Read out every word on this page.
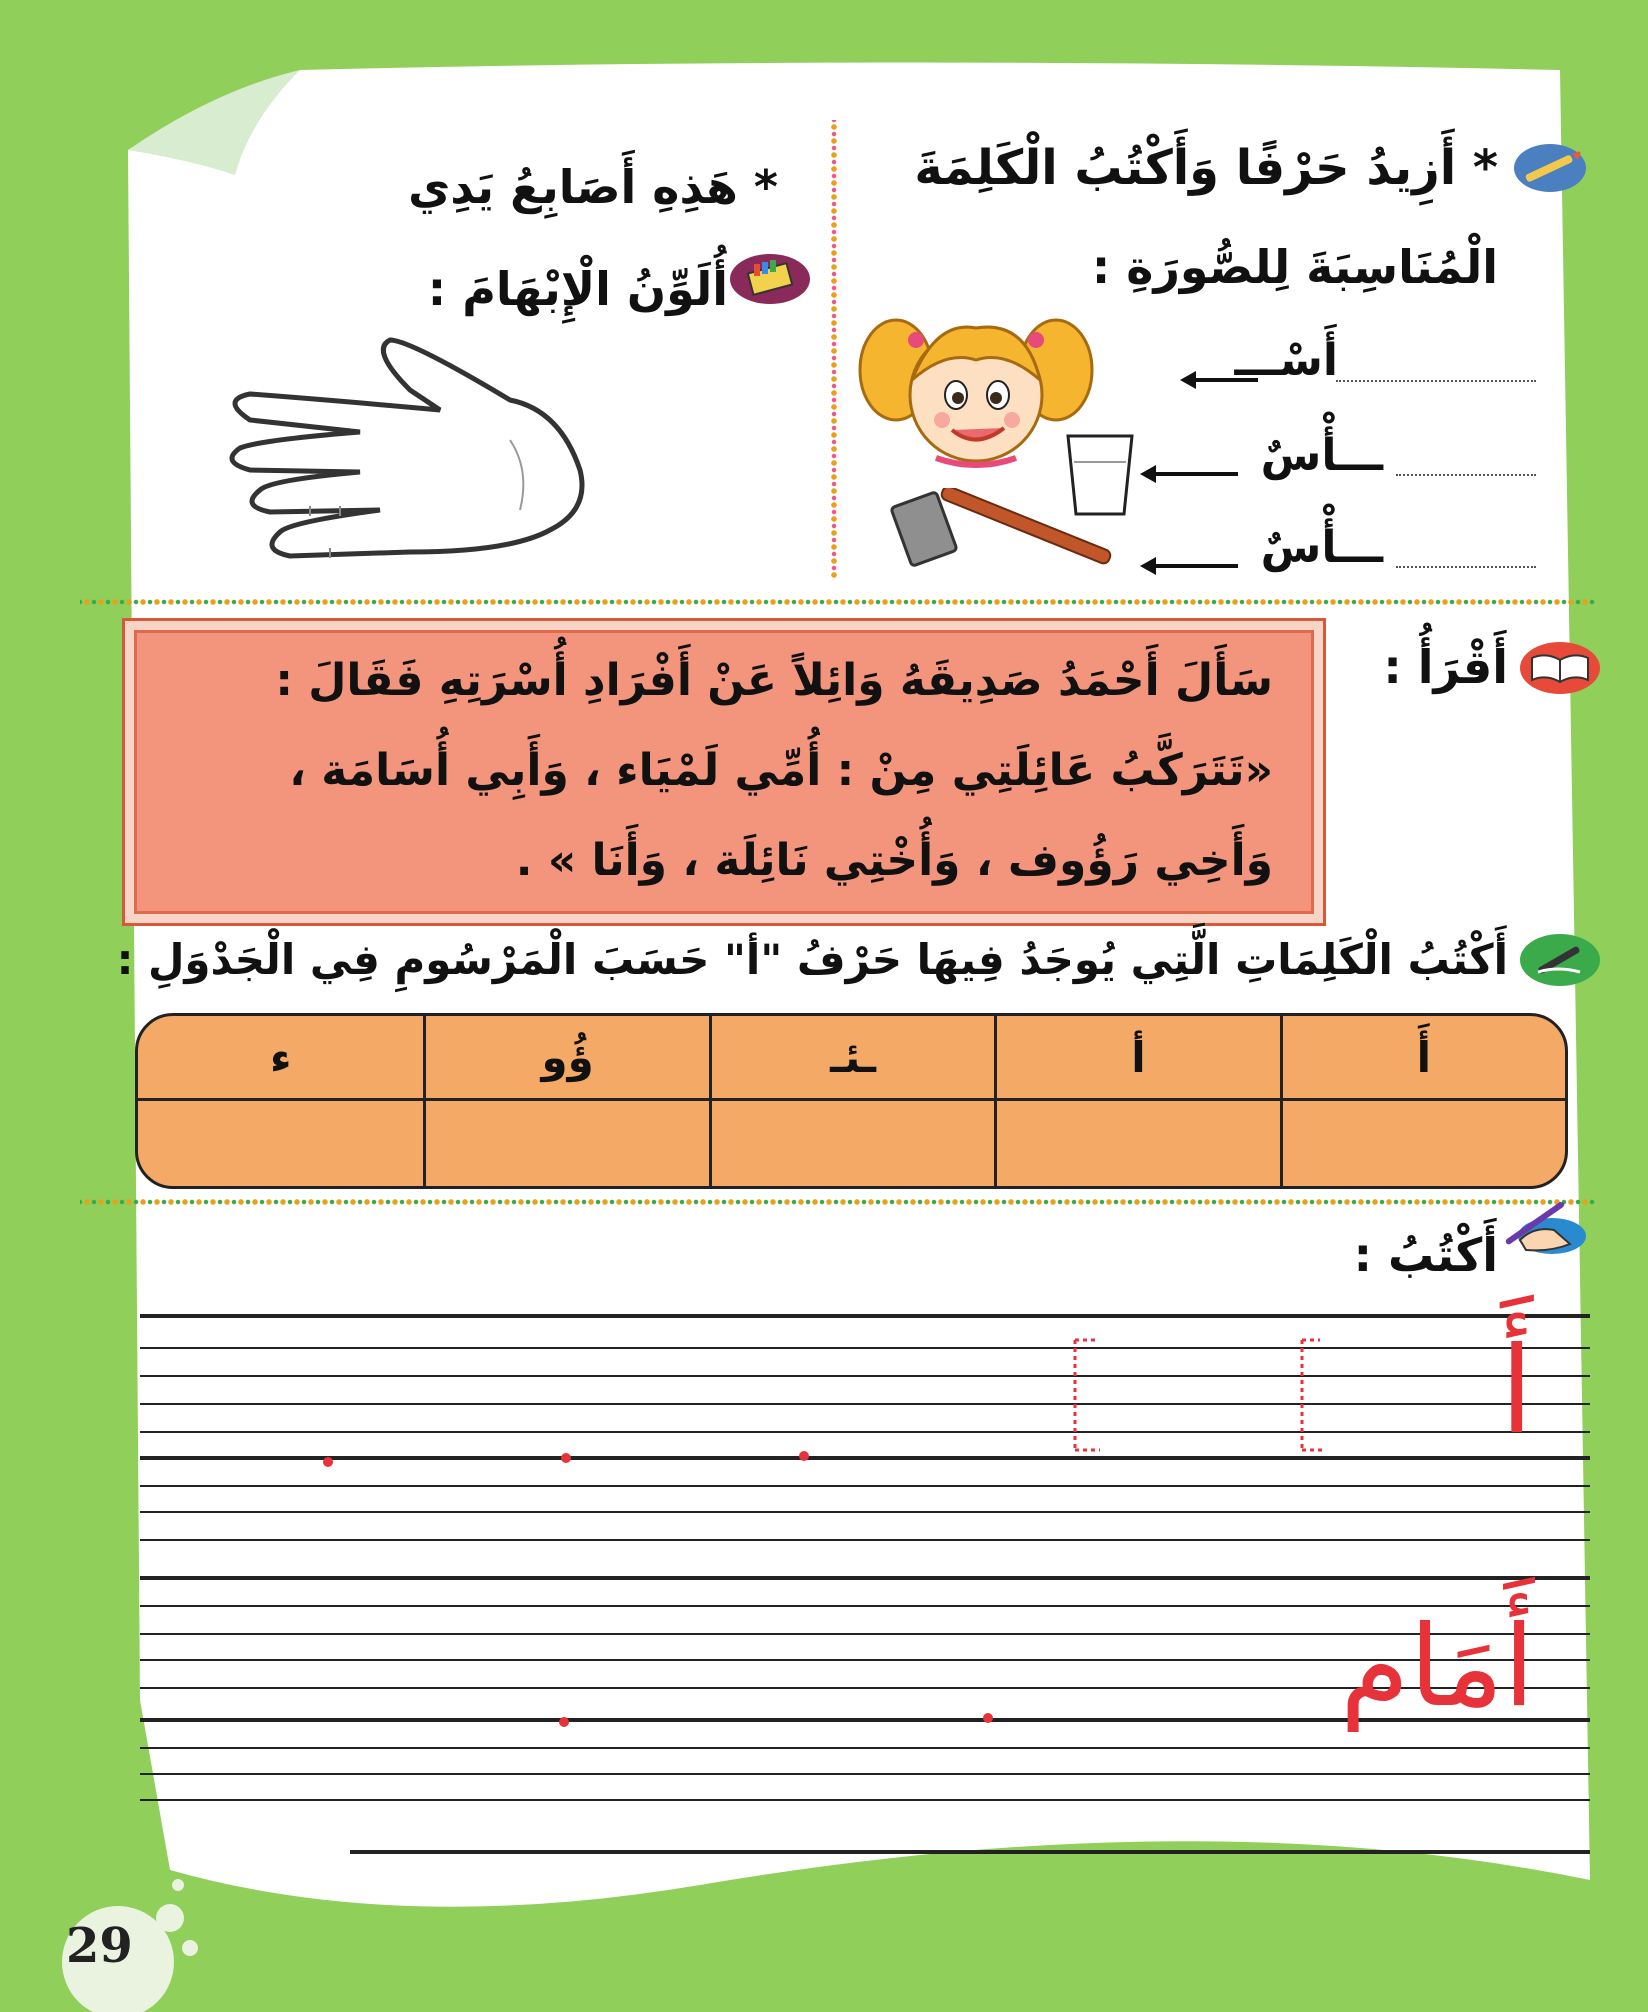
* أَزِيدُ حَرْفًا وَأَكْتُبُ الْكَلِمَةَ
الْمُنَاسِبَةَ لِلصُّورَةِ :
أَسْـــ
ـــأْسٌ
ـــأْسٌ
* هَذِهِ أَصَابِعُ يَدِي
أُلَوِّنُ الْإِبْهَامَ :
أَقْرَأُ :
سَأَلَ أَحْمَدُ صَدِيقَهُ وَائِلاً عَنْ أَفْرَادِ أُسْرَتِهِ فَقَالَ :
«تَتَرَكَّبُ عَائِلَتِي مِنْ : أُمِّي لَمْيَاء ، وَأَبِي أُسَامَة ،
وَأَخِي رَؤُوف ، وَأُخْتِي نَائِلَة ، وَأَنَا » .
أَكْتُبُ الْكَلِمَاتِ الَّتِي يُوجَدُ فِيهَا حَرْفُ "أ" حَسَبَ الْمَرْسُومِ فِي الْجَدْوَلِ :
أَ
أ
ـئـ
ؤُو
ء
أَكْتُبُ :
أَ
أَمَام
29
